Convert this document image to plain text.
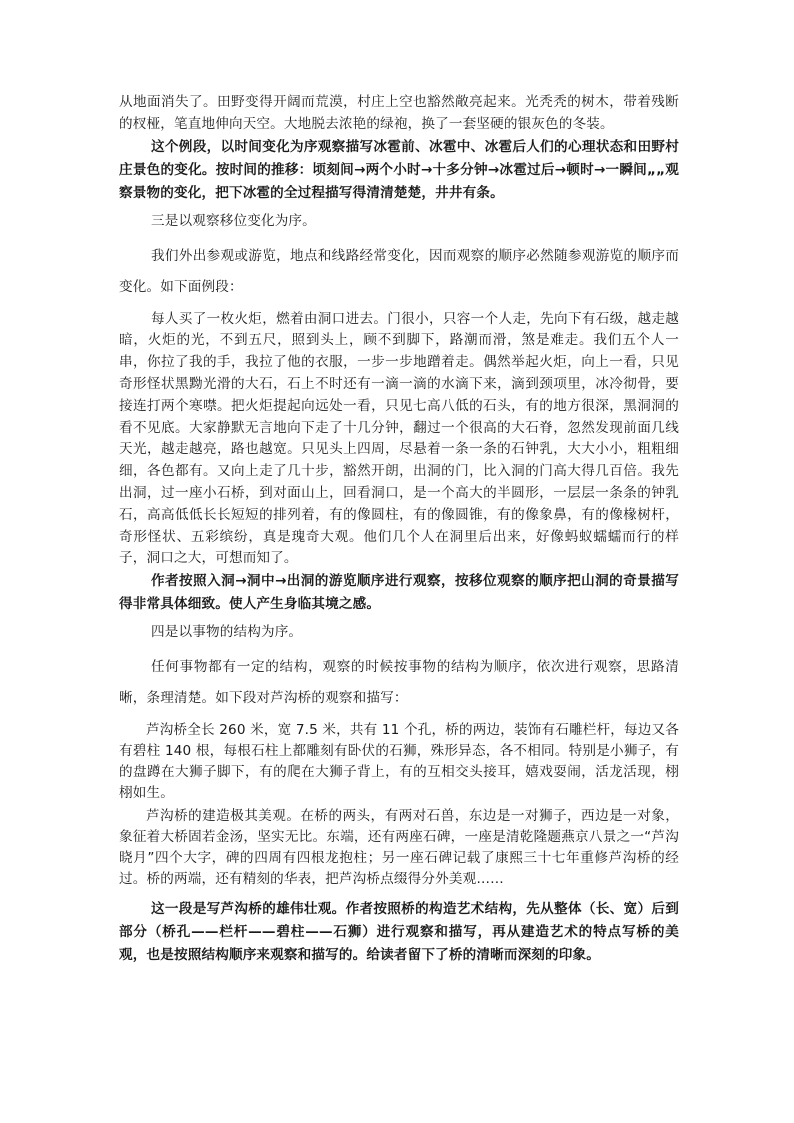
从地面消失了。田野变得开阔而荒漠，村庄上空也豁然敞亮起来。光秃秃的树木，带着残断的杈桠，笔直地伸向天空。大地脱去浓艳的绿袍，换了一套坚硬的银灰色的冬装。

这个例段，以时间变化为序观察描写冰雹前、冰雹中、冰雹后人们的心理状态和田野村庄景色的变化。按时间的推移：顷刻间→两个小时→十多分钟→冰雹过后→顿时→一瞬间„„观察景物的变化，把下冰雹的全过程描写得清清楚楚，井井有条。

三是以观察移位变化为序。

我们外出参观或游览，地点和线路经常变化，因而观察的顺序必然随参观游览的顺序而变化。如下面例段：

每人买了一枚火炬，燃着由洞口进去。门很小，只容一个人走，先向下有石级，越走越暗，火炬的光，不到五尺，照到头上，顾不到脚下，路潮而滑，煞是难走。我们五个人一串，你拉了我的手，我拉了他的衣服，一步一步地蹭着走。偶然举起火炬，向上一看，只见奇形怪状黑黝光滑的大石，石上不时还有一滴一滴的水滴下来，滴到颈项里，冰冷彻骨，要接连打两个寒噤。把火炬提起向远处一看，只见七高八低的石头，有的地方很深，黑洞洞的看不见底。大家静默无言地向下走了十几分钟，翻过一个很高的大石脊，忽然发现前面几线天光，越走越亮，路也越宽。只见头上四周，尽悬着一条一条的石钟乳，大大小小，粗粗细细，各色都有。又向上走了几十步，豁然开朗，出洞的门，比入洞的门高大得几百倍。我先出洞，过一座小石桥，到对面山上，回看洞口，是一个高大的半圆形，一层层一条条的钟乳石，高高低低长长短短的排列着，有的像圆柱，有的像圆锥，有的像象鼻，有的像椽树杆，奇形怪状、五彩缤纷，真是瑰奇大观。他们几个人在洞里后出来，好像蚂蚁蠕蠕而行的样子，洞口之大，可想而知了。

作者按照入洞→洞中→出洞的游览顺序进行观察，按移位观察的顺序把山洞的奇景描写得非常具体细致。使人产生身临其境之感。

四是以事物的结构为序。

任何事物都有一定的结构，观察的时候按事物的结构为顺序，依次进行观察，思路清晰，条理清楚。如下段对芦沟桥的观察和描写：

芦沟桥全长 260 米，宽 7.5 米，共有 11 个孔，桥的两边，装饰有石雕栏杆，每边又各有碧柱 140 根，每根石柱上都雕刻有卧伏的石狮，殊形异态，各不相同。特别是小狮子，有的盘蹲在大狮子脚下，有的爬在大狮子背上，有的互相交头接耳，嬉戏耍闹，活龙活现，栩栩如生。

芦沟桥的建造极其美观。在桥的两头，有两对石兽，东边是一对狮子，西边是一对象，象征着大桥固若金汤，坚实无比。东端，还有两座石碑，一座是清乾隆题燕京八景之一“芦沟晓月”四个大字，碑的四周有四根龙抱柱；另一座石碑记载了康熙三十七年重修芦沟桥的经过。桥的两端，还有精刻的华表，把芦沟桥点缀得分外美观……

这一段是写芦沟桥的雄伟壮观。作者按照桥的构造艺术结构，先从整体（长、宽）后到部分（桥孔——栏杆——碧柱——石狮）进行观察和描写，再从建造艺术的特点写桥的美观，也是按照结构顺序来观察和描写的。给读者留下了桥的清晰而深刻的印象。
